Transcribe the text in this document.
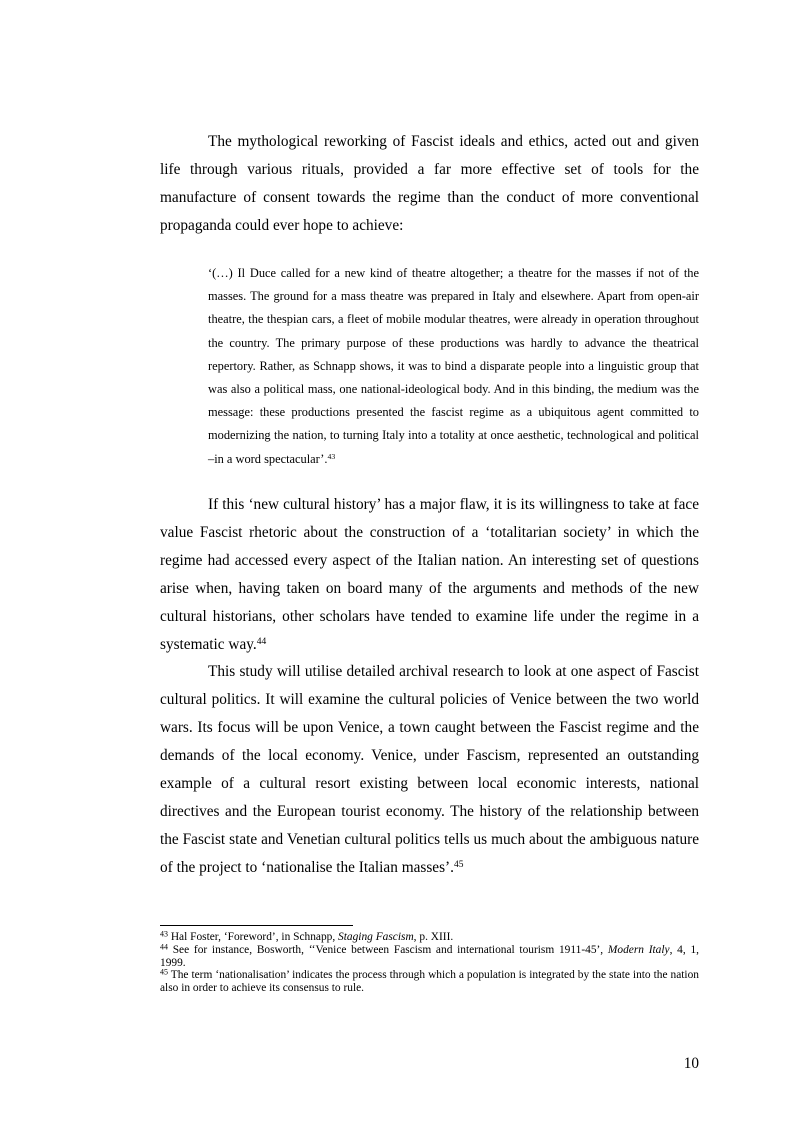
The mythological reworking of Fascist ideals and ethics, acted out and given life through various rituals, provided a far more effective set of tools for the manufacture of consent towards the regime than the conduct of more conventional propaganda could ever hope to achieve:

‘(…) Il Duce called for a new kind of theatre altogether; a theatre for the masses if not of the masses. The ground for a mass theatre was prepared in Italy and elsewhere. Apart from open-air theatre, the thespian cars, a fleet of mobile modular theatres, were already in operation throughout the country. The primary purpose of these productions was hardly to advance the theatrical repertory. Rather, as Schnapp shows, it was to bind a disparate people into a linguistic group that was also a political mass, one national-ideological body. And in this binding, the medium was the message: these productions presented the fascist regime as a ubiquitous agent committed to modernizing the nation, to turning Italy into a totality at once aesthetic, technological and political –in a word spectacular’.$^{43}$

If this ‘new cultural history’ has a major flaw, it is its willingness to take at face value Fascist rhetoric about the construction of a ‘totalitarian society’ in which the regime had accessed every aspect of the Italian nation. An interesting set of questions arise when, having taken on board many of the arguments and methods of the new cultural historians, other scholars have tended to examine life under the regime in a systematic way.$^{44}$

This study will utilise detailed archival research to look at one aspect of Fascist cultural politics. It will examine the cultural policies of Venice between the two world wars. Its focus will be upon Venice, a town caught between the Fascist regime and the demands of the local economy. Venice, under Fascism, represented an outstanding example of a cultural resort existing between local economic interests, national directives and the European tourist economy. The history of the relationship between the Fascist state and Venetian cultural politics tells us much about the ambiguous nature of the project to ‘nationalise the Italian masses’.$^{45}$

$^{43}$ Hal Foster, ‘Foreword’, in Schnapp, Staging Fascism, p. XIII.

$^{44}$ See for instance, Bosworth, ‘‘Venice between Fascism and international tourism 1911-45’, Modern Italy, 4, 1, 1999.

$^{45}$ The term ‘nationalisation’ indicates the process through which a population is integrated by the state into the nation also in order to achieve its consensus to rule.

10
